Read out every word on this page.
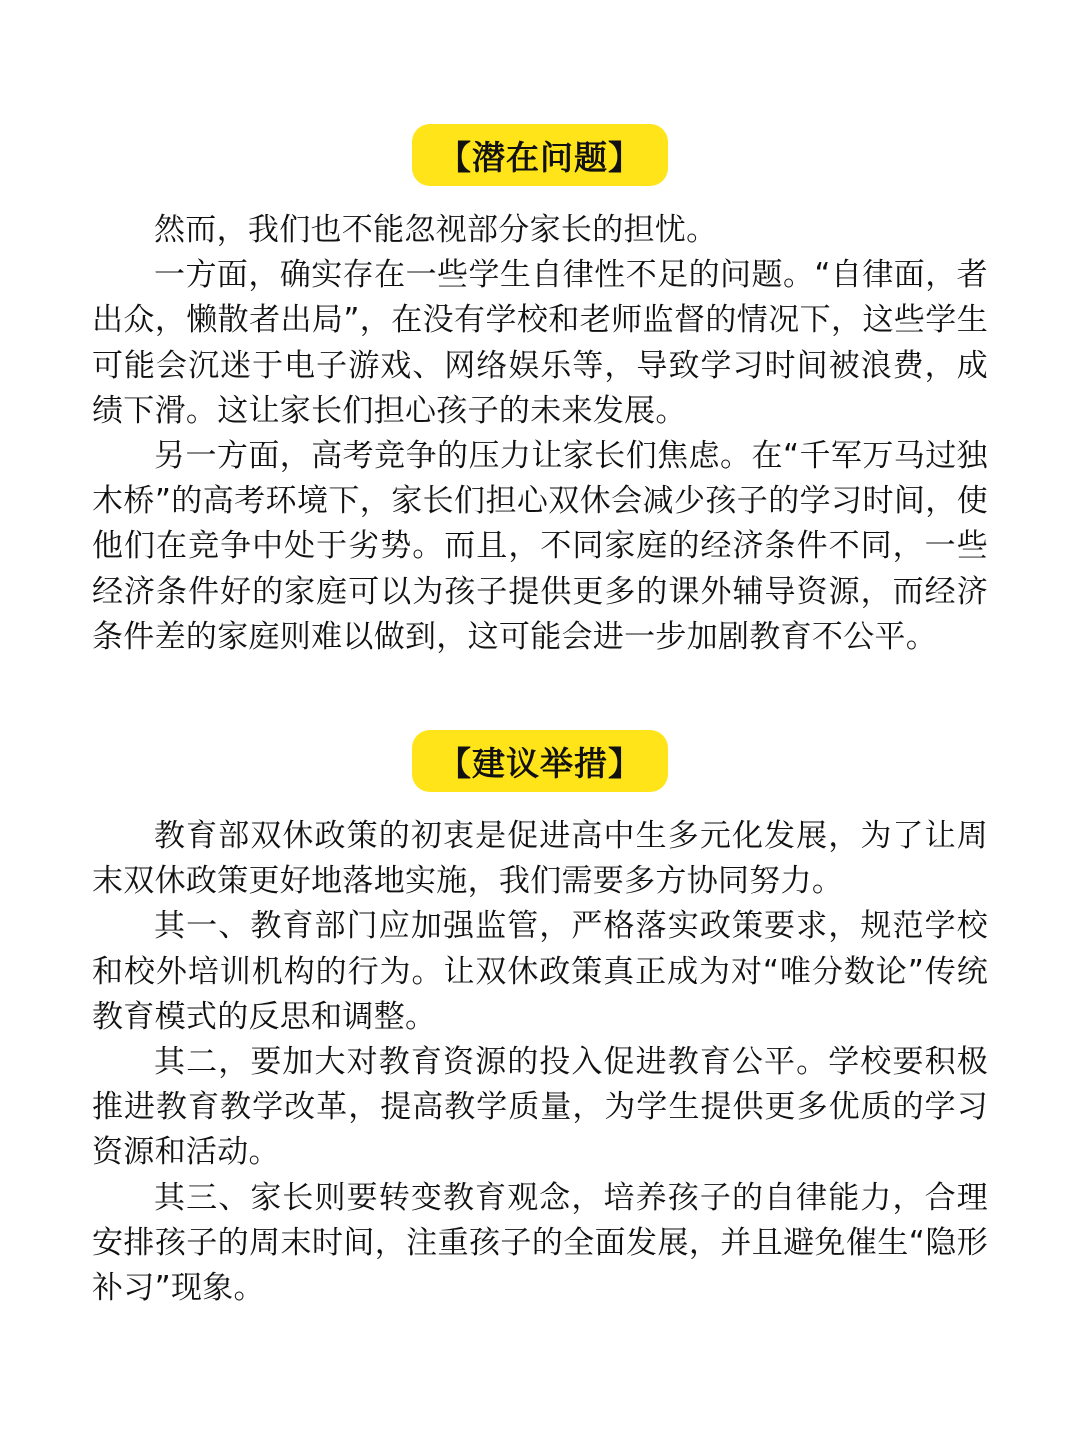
【潜在问题】

然而，我们也不能忽视部分家长的担忧。

一方面，确实存在一些学生自律性不足的问题。“自律面，者出众，懒散者出局”，在没有学校和老师监督的情况下，这些学生可能会沉迷于电子游戏、网络娱乐等，导致学习时间被浪费，成绩下滑。这让家长们担心孩子的未来发展。

另一方面，高考竞争的压力让家长们焦虑。在“千军万马过独木桥”的高考环境下，家长们担心双休会减少孩子的学习时间，使他们在竞争中处于劣势。而且，不同家庭的经济条件不同，一些经济条件好的家庭可以为孩子提供更多的课外辅导资源，而经济条件差的家庭则难以做到，这可能会进一步加剧教育不公平。

【建议举措】

教育部双休政策的初衷是促进高中生多元化发展，为了让周末双休政策更好地落地实施，我们需要多方协同努力。

其一、教育部门应加强监管，严格落实政策要求，规范学校和校外培训机构的行为。让双休政策真正成为对“唯分数论”传统教育模式的反思和调整。

其二，要加大对教育资源的投入促进教育公平。学校要积极推进教育教学改革，提高教学质量，为学生提供更多优质的学习资源和活动。

其三、家长则要转变教育观念，培养孩子的自律能力，合理安排孩子的周末时间，注重孩子的全面发展，并且避免催生“隐形补习”现象。
